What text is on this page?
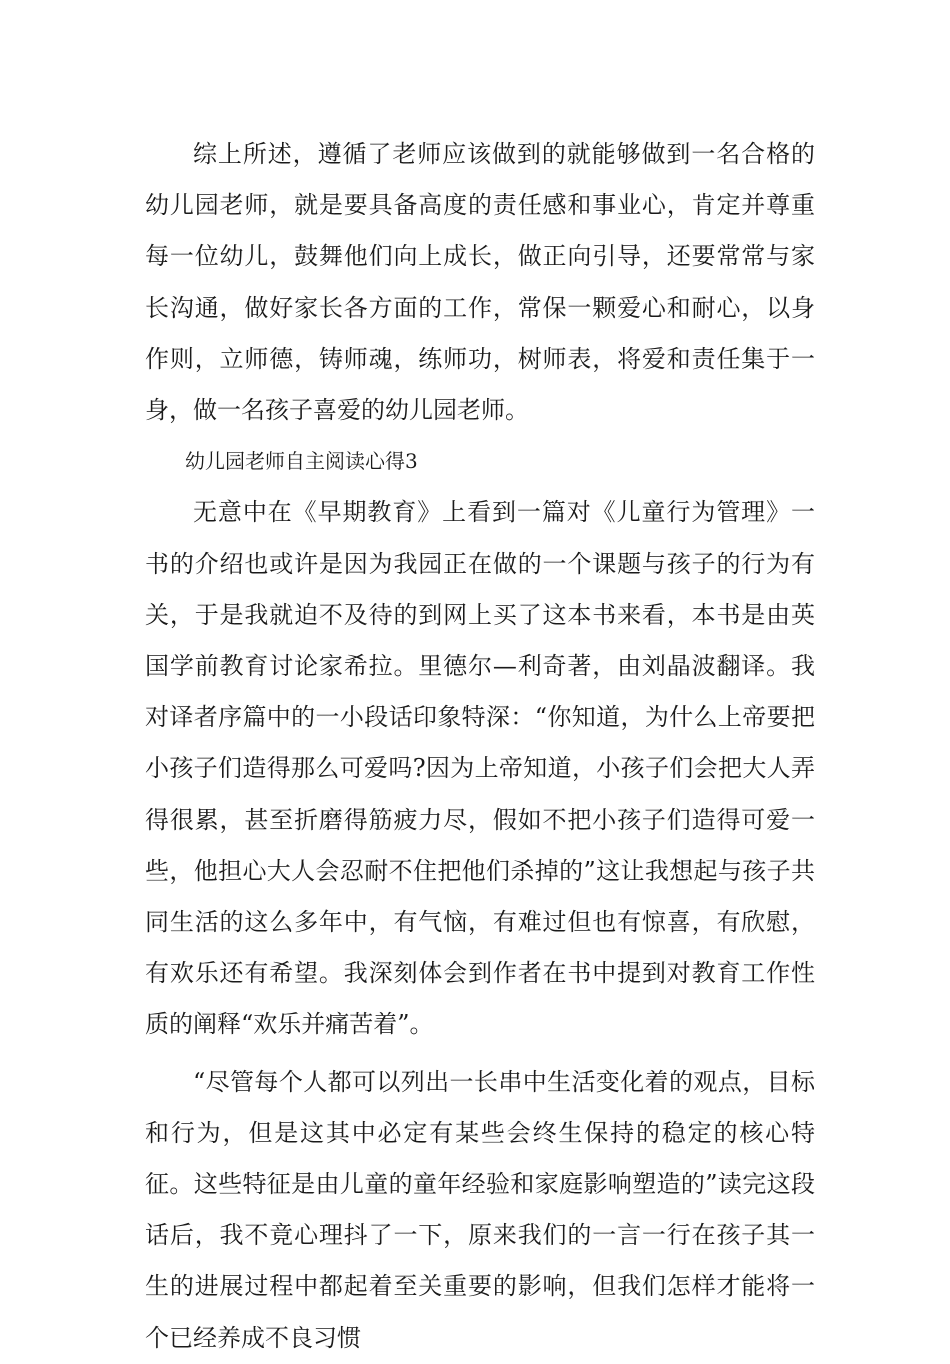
综上所述，遵循了老师应该做到的就能够做到一名合格的幼儿园老师，就是要具备高度的责任感和事业心，肯定并尊重每一位幼儿，鼓舞他们向上成长，做正向引导，还要常常与家长沟通，做好家长各方面的工作，常保一颗爱心和耐心，以身作则，立师德，铸师魂，练师功，树师表，将爱和责任集于一身，做一名孩子喜爱的幼儿园老师。

幼儿园老师自主阅读心得3

无意中在《早期教育》上看到一篇对《儿童行为管理》一书的介绍也或许是因为我园正在做的一个课题与孩子的行为有关，于是我就迫不及待的到网上买了这本书来看，本书是由英国学前教育讨论家希拉。里德尔—利奇著，由刘晶波翻译。我对译者序篇中的一小段话印象特深：“你知道，为什么上帝要把小孩子们造得那么可爱吗?因为上帝知道，小孩子们会把大人弄得很累，甚至折磨得筋疲力尽，假如不把小孩子们造得可爱一些，他担心大人会忍耐不住把他们杀掉的”这让我想起与孩子共同生活的这么多年中，有气恼，有难过但也有惊喜，有欣慰，有欢乐还有希望。我深刻体会到作者在书中提到对教育工作性质的阐释“欢乐并痛苦着”。

“尽管每个人都可以列出一长串中生活变化着的观点，目标和行为，但是这其中必定有某些会终生保持的稳定的核心特征。这些特征是由儿童的童年经验和家庭影响塑造的”读完这段话后，我不竟心理抖了一下，原来我们的一言一行在孩子其一生的进展过程中都起着至关重要的影响，但我们怎样才能将一个已经养成不良习惯
